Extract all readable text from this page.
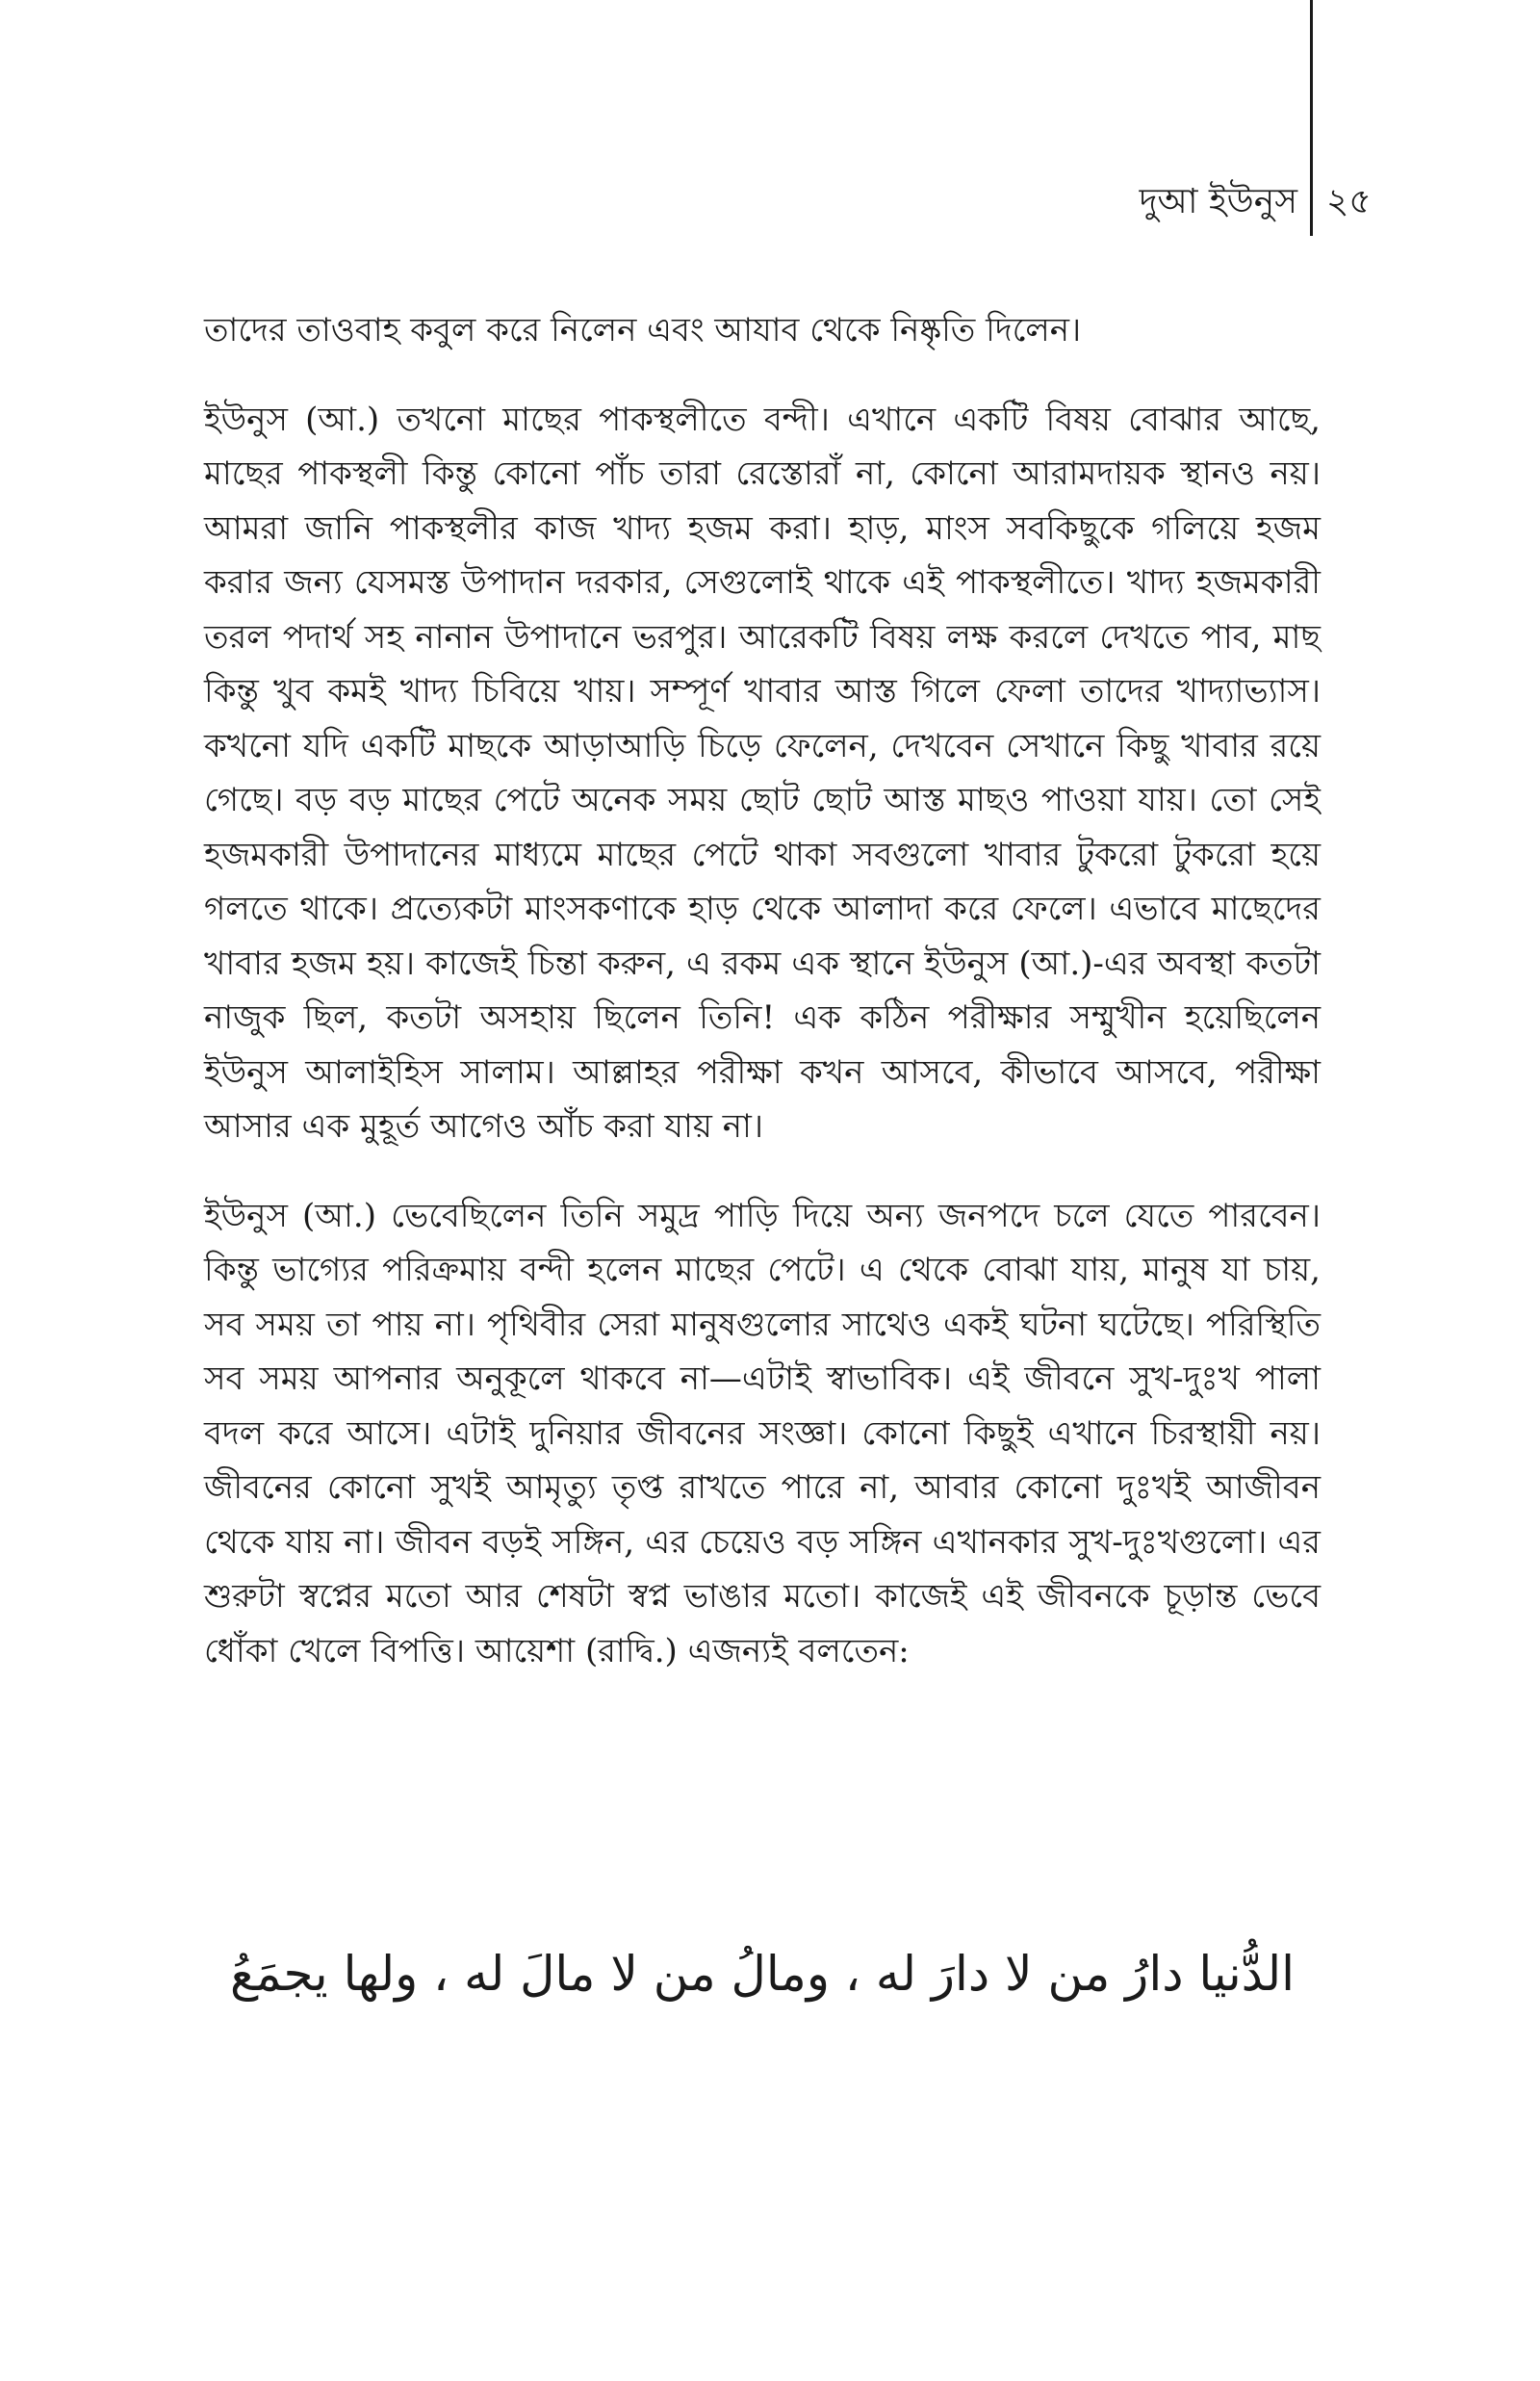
দুআ ইউনুস ২৫

তাদের তাওবাহ কবুল করে নিলেন এবং আযাব থেকে নিষ্কৃতি দিলেন।

ইউনুস (আ.) তখনো মাছের পাকস্থলীতে বন্দী। এখানে একটি বিষয় বোঝার আছে, মাছের পাকস্থলী কিন্তু কোনো পাঁচ তারা রেস্তোরাঁ না, কোনো আরামদায়ক স্থানও নয়। আমরা জানি পাকস্থলীর কাজ খাদ্য হজম করা। হাড়, মাংস সবকিছুকে গলিয়ে হজম করার জন্য যেসমস্ত উপাদান দরকার, সেগুলোই থাকে এই পাকস্থলীতে। খাদ্য হজমকারী তরল পদার্থ সহ নানান উপাদানে ভরপুর। আরেকটি বিষয় লক্ষ করলে দেখতে পাব, মাছ কিন্তু খুব কমই খাদ্য চিবিয়ে খায়। সম্পূর্ণ খাবার আস্ত গিলে ফেলা তাদের খাদ্যাভ্যাস। কখনো যদি একটি মাছকে আড়াআড়ি চিড়ে ফেলেন, দেখবেন সেখানে কিছু খাবার রয়ে গেছে। বড় বড় মাছের পেটে অনেক সময় ছোট ছোট আস্ত মাছও পাওয়া যায়। তো সেই হজমকারী উপাদানের মাধ্যমে মাছের পেটে থাকা সবগুলো খাবার টুকরো টুকরো হয়ে গলতে থাকে। প্রত্যেকটা মাংসকণাকে হাড় থেকে আলাদা করে ফেলে। এভাবে মাছেদের খাবার হজম হয়। কাজেই চিন্তা করুন, এ রকম এক স্থানে ইউনুস (আ.)-এর অবস্থা কতটা নাজুক ছিল, কতটা অসহায় ছিলেন তিনি! এক কঠিন পরীক্ষার সম্মুখীন হয়েছিলেন ইউনুস আলাইহিস সালাম। আল্লাহর পরীক্ষা কখন আসবে, কীভাবে আসবে, পরীক্ষা আসার এক মুহূর্ত আগেও আঁচ করা যায় না।

ইউনুস (আ.) ভেবেছিলেন তিনি সমুদ্র পাড়ি দিয়ে অন্য জনপদে চলে যেতে পারবেন। কিন্তু ভাগ্যের পরিক্রমায় বন্দী হলেন মাছের পেটে। এ থেকে বোঝা যায়, মানুষ যা চায়, সব সময় তা পায় না। পৃথিবীর সেরা মানুষগুলোর সাথেও একই ঘটনা ঘটেছে। পরিস্থিতি সব সময় আপনার অনুকূলে থাকবে না—এটাই স্বাভাবিক। এই জীবনে সুখ-দুঃখ পালা বদল করে আসে। এটাই দুনিয়ার জীবনের সংজ্ঞা। কোনো কিছুই এখানে চিরস্থায়ী নয়। জীবনের কোনো সুখই আমৃত্যু তৃপ্ত রাখতে পারে না, আবার কোনো দুঃখই আজীবন থেকে যায় না। জীবন বড়ই সঙ্গিন, এর চেয়েও বড় সঙ্গিন এখানকার সুখ-দুঃখগুলো। এর শুরুটা স্বপ্নের মতো আর শেষটা স্বপ্ন ভাঙার মতো। কাজেই এই জীবনকে চূড়ান্ত ভেবে ধোঁকা খেলে বিপত্তি। আয়েশা (রাদ্বি.) এজন্যই বলতেন:

الدُّنيا دارُ من لا دارَ له ، ومالُ من لا مالَ له ، ولها يجمَعُ
